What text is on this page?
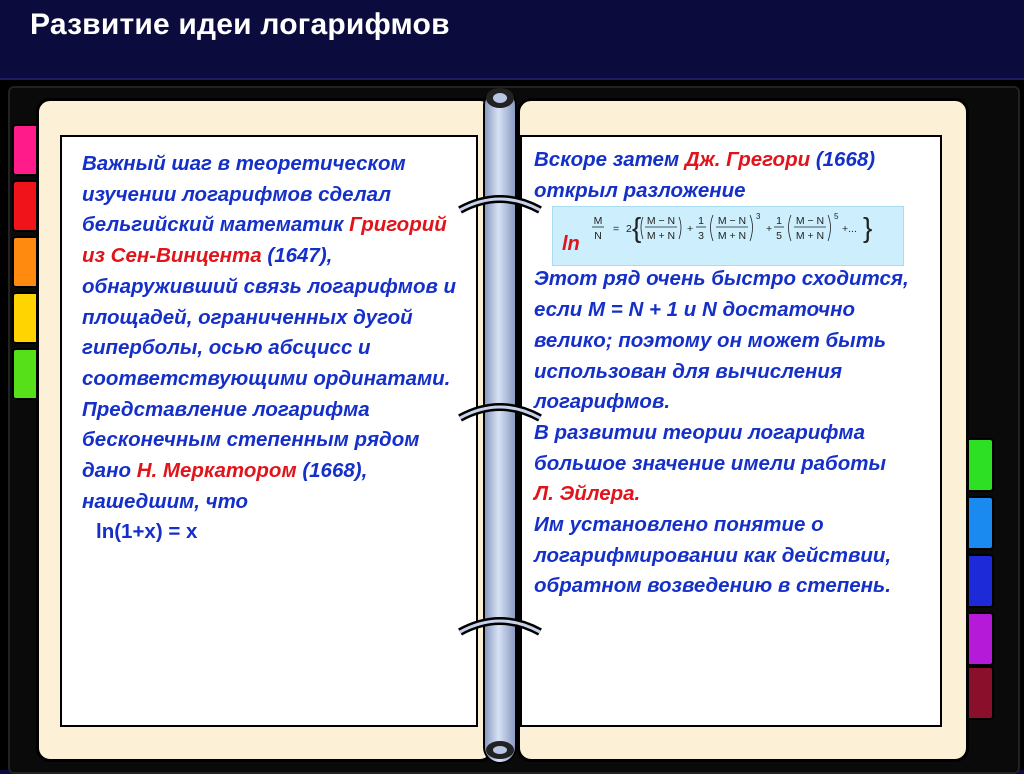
Развитие идеи логарифмов

Важный шаг в теоретическом изучении логарифмов сделал бельгийский математик Григорий из Сен-Винцента (1647), обнаруживший связь логарифмов и площадей, ограниченных дугой гиперболы, осью абсцисс и соответствующими ординатами.

Представление логарифма бесконечным степенным рядом дано Н. Меркатором (1668), нашедшим, что

ln(1+x) = x

Вскоре затем Дж. Грегори (1668) открыл разложение

M
N
= 2 { M − N
M + N
+
1
3
M − N
M + N
3
+
1
5
M − N
M + N
5
+... }
ln

Этот ряд очень быстро сходится, если M = N + 1 и N достаточно велико; поэтому он может быть использован для вычисления логарифмов.

В развитии теории логарифма большое значение имели работы
Л. Эйлера.

Им установлено понятие о логарифмировании как действии, обратном возведению в степень.
